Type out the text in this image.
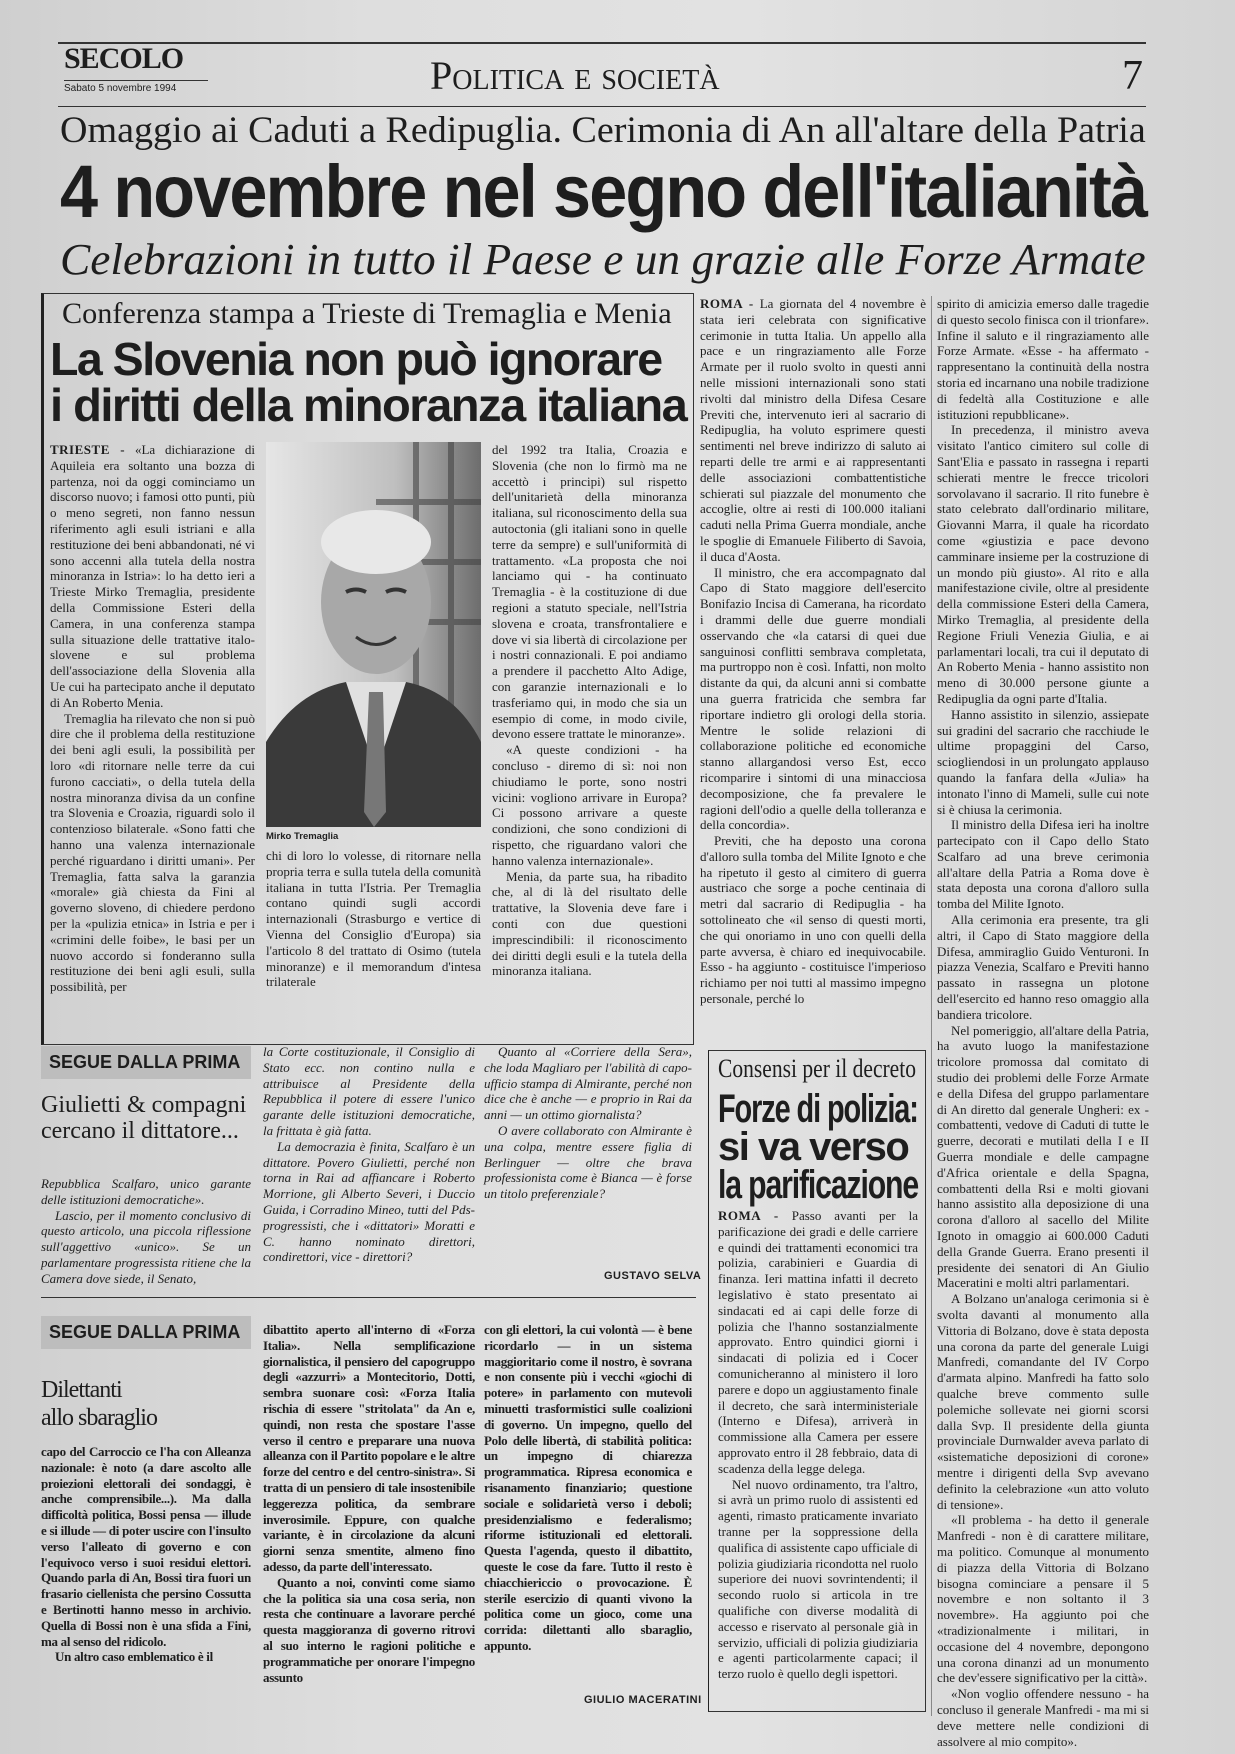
SECOLO
Sabato 5 novembre 1994	Politica e società	7
Omaggio ai Caduti a Redipuglia. Cerimonia di An all'altare della Patria
4 novembre nel segno dell'italianità
Celebrazioni in tutto il Paese e un grazie alle Forze Armate
Conferenza stampa a Trieste di Tremaglia e Menia
La Slovenia non può ignorare
i diritti della minoranza italiana

TRIESTE - «La dichiarazione di Aquileia era soltanto una bozza di partenza, noi da oggi cominciamo un discorso nuovo; i famosi otto punti, più o meno segreti, non fanno nessun riferimento agli esuli istriani e alla restituzione dei beni abbandonati, né vi sono accenni alla tutela della nostra minoranza in Istria»: lo ha detto ieri a Trieste Mirko Tremaglia, presidente della Commissione Esteri della Camera, in una conferenza stampa sulla situazione delle trattative italo-slovene e sul problema dell'associazione della Slovenia alla Ue cui ha partecipato anche il deputato di An Roberto Menia.

Tremaglia ha rilevato che non si può dire che il problema della restituzione dei beni agli esuli, la possibilità per loro «di ritornare nelle terre da cui furono cacciati», o della tutela della nostra minoranza divisa da un confine tra Slovenia e Croazia, riguardi solo il contenzioso bilaterale. «Sono fatti che hanno una valenza internazionale perché riguardano i diritti umani». Per Tremaglia, fatta salva la garanzia «morale» già chiesta da Fini al governo sloveno, di chiedere perdono per la «pulizia etnica» in Istria e per i «crimini delle foibe», le basi per un nuovo accordo si fonderanno sulla restituzione dei beni agli esuli, sulla possibilità, per

Mirko Tremaglia

chi di loro lo volesse, di ritornare nella propria terra e sulla tutela della comunità italiana in tutta l'Istria. Per Tremaglia contano quindi sugli accordi internazionali (Strasburgo e vertice di Vienna del Consiglio d'Europa) sia l'articolo 8 del trattato di Osimo (tutela minoranze) e il memorandum d'intesa trilaterale

del 1992 tra Italia, Croazia e Slovenia (che non lo firmò ma ne accettò i principi) sul rispetto dell'unitarietà della minoranza italiana, sul riconoscimento della sua autoctonia (gli italiani sono in quelle terre da sempre) e sull'uniformità di trattamento. «La proposta che noi lanciamo qui - ha continuato Tremaglia - è la costituzione di due regioni a statuto speciale, nell'Istria slovena e croata, transfrontaliere e dove vi sia libertà di circolazione per i nostri connazionali. E poi andiamo a prendere il pacchetto Alto Adige, con garanzie internazionali e lo trasferiamo qui, in modo che sia un esempio di come, in modo civile, devono essere trattate le minoranze».

«A queste condizioni - ha concluso - diremo di sì: noi non chiudiamo le porte, sono nostri vicini: vogliono arrivare in Europa? Ci possono arrivare a queste condizioni, che sono condizioni di rispetto, che riguardano valori che hanno valenza internazionale».

Menia, da parte sua, ha ribadito che, al di là del risultato delle trattative, la Slovenia deve fare i conti con due questioni imprescindibili: il riconoscimento dei diritti degli esuli e la tutela della minoranza italiana.

ROMA - La giornata del 4 novembre è stata ieri celebrata con significative cerimonie in tutta Italia. Un appello alla pace e un ringraziamento alle Forze Armate per il ruolo svolto in questi anni nelle missioni internazionali sono stati rivolti dal ministro della Difesa Cesare Previti che, intervenuto ieri al sacrario di Redipuglia, ha voluto esprimere questi sentimenti nel breve indirizzo di saluto ai reparti delle tre armi e ai rappresentanti delle associazioni combattentistiche schierati sul piazzale del monumento che accoglie, oltre ai resti di 100.000 italiani caduti nella Prima Guerra mondiale, anche le spoglie di Emanuele Filiberto di Savoia, il duca d'Aosta.

Il ministro, che era accompagnato dal Capo di Stato maggiore dell'esercito Bonifazio Incisa di Camerana, ha ricordato i drammi delle due guerre mondiali osservando che «la catarsi di quei due sanguinosi conflitti sembrava completata, ma purtroppo non è così. Infatti, non molto distante da qui, da alcuni anni si combatte una guerra fratricida che sembra far riportare indietro gli orologi della storia. Mentre le solide relazioni di collaborazione politiche ed economiche stanno allargandosi verso Est, ecco ricomparire i sintomi di una minacciosa decomposizione, che fa prevalere le ragioni dell'odio a quelle della tolleranza e della concordia».

Previti, che ha deposto una corona d'alloro sulla tomba del Milite Ignoto e che ha ripetuto il gesto al cimitero di guerra austriaco che sorge a poche centinaia di metri dal sacrario di Redipuglia - ha sottolineato che «il senso di questi morti, che qui onoriamo in uno con quelli della parte avversa, è chiaro ed inequivocabile. Esso - ha aggiunto - costituisce l'imperioso richiamo per noi tutti al massimo impegno personale, perché lo

spirito di amicizia emerso dalle tragedie di questo secolo finisca con il trionfare». Infine il saluto e il ringraziamento alle Forze Armate. «Esse - ha affermato - rappresentano la continuità della nostra storia ed incarnano una nobile tradizione di fedeltà alla Costituzione e alle istituzioni repubblicane».

In precedenza, il ministro aveva visitato l'antico cimitero sul colle di Sant'Elia e passato in rassegna i reparti schierati mentre le frecce tricolori sorvolavano il sacrario. Il rito funebre è stato celebrato dall'ordinario militare, Giovanni Marra, il quale ha ricordato come «giustizia e pace devono camminare insieme per la costruzione di un mondo più giusto». Al rito e alla manifestazione civile, oltre al presidente della commissione Esteri della Camera, Mirko Tremaglia, al presidente della Regione Friuli Venezia Giulia, e ai parlamentari locali, tra cui il deputato di An Roberto Menia - hanno assistito non meno di 30.000 persone giunte a Redipuglia da ogni parte d'Italia.

Hanno assistito in silenzio, assiepate sui gradini del sacrario che racchiude le ultime propaggini del Carso, sciogliendosi in un prolungato applauso quando la fanfara della «Julia» ha intonato l'inno di Mameli, sulle cui note si è chiusa la cerimonia.

Il ministro della Difesa ieri ha inoltre partecipato con il Capo dello Stato Scalfaro ad una breve cerimonia all'altare della Patria a Roma dove è stata deposta una corona d'alloro sulla tomba del Milite Ignoto.

Alla cerimonia era presente, tra gli altri, il Capo di Stato maggiore della Difesa, ammiraglio Guido Venturoni. In piazza Venezia, Scalfaro e Previti hanno passato in rassegna un plotone dell'esercito ed hanno reso omaggio alla bandiera tricolore.

Nel pomeriggio, all'altare della Patria, ha avuto luogo la manifestazione tricolore promossa dal comitato di studio dei problemi delle Forze Armate e della Difesa del gruppo parlamentare di An diretto dal generale Ungheri: ex - combattenti, vedove di Caduti di tutte le guerre, decorati e mutilati della I e II Guerra mondiale e delle campagne d'Africa orientale e della Spagna, combattenti della Rsi e molti giovani hanno assistito alla deposizione di una corona d'alloro al sacello del Milite Ignoto in omaggio ai 600.000 Caduti della Grande Guerra. Erano presenti il presidente dei senatori di An Giulio Maceratini e molti altri parlamentari.

A Bolzano un'analoga cerimonia si è svolta davanti al monumento alla Vittoria di Bolzano, dove è stata deposta una corona da parte del generale Luigi Manfredi, comandante del IV Corpo d'armata alpino. Manfredi ha fatto solo qualche breve commento sulle polemiche sollevate nei giorni scorsi dalla Svp. Il presidente della giunta provinciale Durnwalder aveva parlato di «sistematiche deposizioni di corone» mentre i dirigenti della Svp avevano definito la celebrazione «un atto voluto di tensione».

«Il problema - ha detto il generale Manfredi - non è di carattere militare, ma politico. Comunque al monumento di piazza della Vittoria di Bolzano bisogna cominciare a pensare il 5 novembre e non soltanto il 3 novembre». Ha aggiunto poi che «tradizionalmente i militari, in occasione del 4 novembre, depongono una corona dinanzi ad un monumento che dev'essere significativo per la città».

«Non voglio offendere nessuno - ha concluso il generale Manfredi - ma mi si deve mettere nelle condizioni di assolvere al mio compito».

Consensi per il decreto
Forze di polizia:
si va verso
la parificazione

ROMA - Passo avanti per la parificazione dei gradi e delle carriere e quindi dei trattamenti economici tra polizia, carabinieri e Guardia di finanza. Ieri mattina infatti il decreto legislativo è stato presentato ai sindacati ed ai capi delle forze di polizia che l'hanno sostanzialmente approvato. Entro quindici giorni i sindacati di polizia ed i Cocer comunicheranno al ministero il loro parere e dopo un aggiustamento finale il decreto, che sarà interministeriale (Interno e Difesa), arriverà in commissione alla Camera per essere approvato entro il 28 febbraio, data di scadenza della legge delega.

Nel nuovo ordinamento, tra l'altro, si avrà un primo ruolo di assistenti ed agenti, rimasto praticamente invariato tranne per la soppressione della qualifica di assistente capo ufficiale di polizia giudiziaria ricondotta nel ruolo superiore dei nuovi sovrintendenti; il secondo ruolo si articola in tre qualifiche con diverse modalità di accesso e riservato al personale già in servizio, ufficiali di polizia giudiziaria e agenti particolarmente capaci; il terzo ruolo è quello degli ispettori.

SEGUE DALLA PRIMA
Giulietti & compagni cercano il dittatore...

Repubblica Scalfaro, unico garante delle istituzioni democratiche».

Lascio, per il momento conclusivo di questo articolo, una piccola riflessione sull'aggettivo «unico». Se un parlamentare progressista ritiene che la Camera dove siede, il Senato,

la Corte costituzionale, il Consiglio di Stato ecc. non contino nulla e attribuisce al Presidente della Repubblica il potere di essere l'unico garante delle istituzioni democratiche, la frittata è già fatta.

La democrazia è finita, Scalfaro è un dittatore. Povero Giulietti, perché non torna in Rai ad affiancare i Roberto Morrione, gli Alberto Severi, i Duccio Guida, i Corradino Mineo, tutti del Pds-progressisti, che i «dittatori» Moratti e C. hanno nominato direttori, condirettori, vice - direttori?

Quanto al «Corriere della Sera», che loda Magliaro per l'abilità di capo-ufficio stampa di Almirante, perché non dice che è anche — e proprio in Rai da anni — un ottimo giornalista?

O avere collaborato con Almirante è una colpa, mentre essere figlia di Berlinguer — oltre che brava professionista come è Bianca — è forse un titolo preferenziale?

GUSTAVO SELVA
SEGUE DALLA PRIMA
Dilettanti
allo sbaraglio

capo del Carroccio ce l'ha con Alleanza nazionale: è noto (a dare ascolto alle proiezioni elettorali dei sondaggi, è anche comprensibile...). Ma dalla difficoltà politica, Bossi pensa — illude e si illude — di poter uscire con l'insulto verso l'alleato di governo e con l'equivoco verso i suoi residui elettori. Quando parla di An, Bossi tira fuori un frasario ciellenista che persino Cossutta e Bertinotti hanno messo in archivio. Quella di Bossi non è una sfida a Fini, ma al senso del ridicolo.

Un altro caso emblematico è il

dibattito aperto all'interno di «Forza Italia». Nella semplificazione giornalistica, il pensiero del capogruppo degli «azzurri» a Montecitorio, Dotti, sembra suonare così: «Forza Italia rischia di essere "stritolata" da An e, quindi, non resta che spostare l'asse verso il centro e preparare una nuova alleanza con il Partito popolare e le altre forze del centro e del centro-sinistra». Si tratta di un pensiero di tale insostenibile leggerezza politica, da sembrare inverosimile. Eppure, con qualche variante, è in circolazione da alcuni giorni senza smentite, almeno fino adesso, da parte dell'interessato.

Quanto a noi, convinti come siamo che la politica sia una cosa seria, non resta che continuare a lavorare perché questa maggioranza di governo ritrovi al suo interno le ragioni politiche e programmatiche per onorare l'impegno assunto

con gli elettori, la cui volontà — è bene ricordarlo — in un sistema maggioritario come il nostro, è sovrana e non consente più i vecchi «giochi di potere» in parlamento con mutevoli minuetti trasformistici sulle coalizioni di governo. Un impegno, quello del Polo delle libertà, di stabilità politica: un impegno di chiarezza programmatica. Ripresa economica e risanamento finanziario; questione sociale e solidarietà verso i deboli; presidenzialismo e federalismo; riforme istituzionali ed elettorali. Questa l'agenda, questo il dibattito, queste le cose da fare. Tutto il resto è chiacchiericcio o provocazione. È sterile esercizio di quanti vivono la politica come un gioco, come una corrida: dilettanti allo sbaraglio, appunto.

GIULIO MACERATINI
